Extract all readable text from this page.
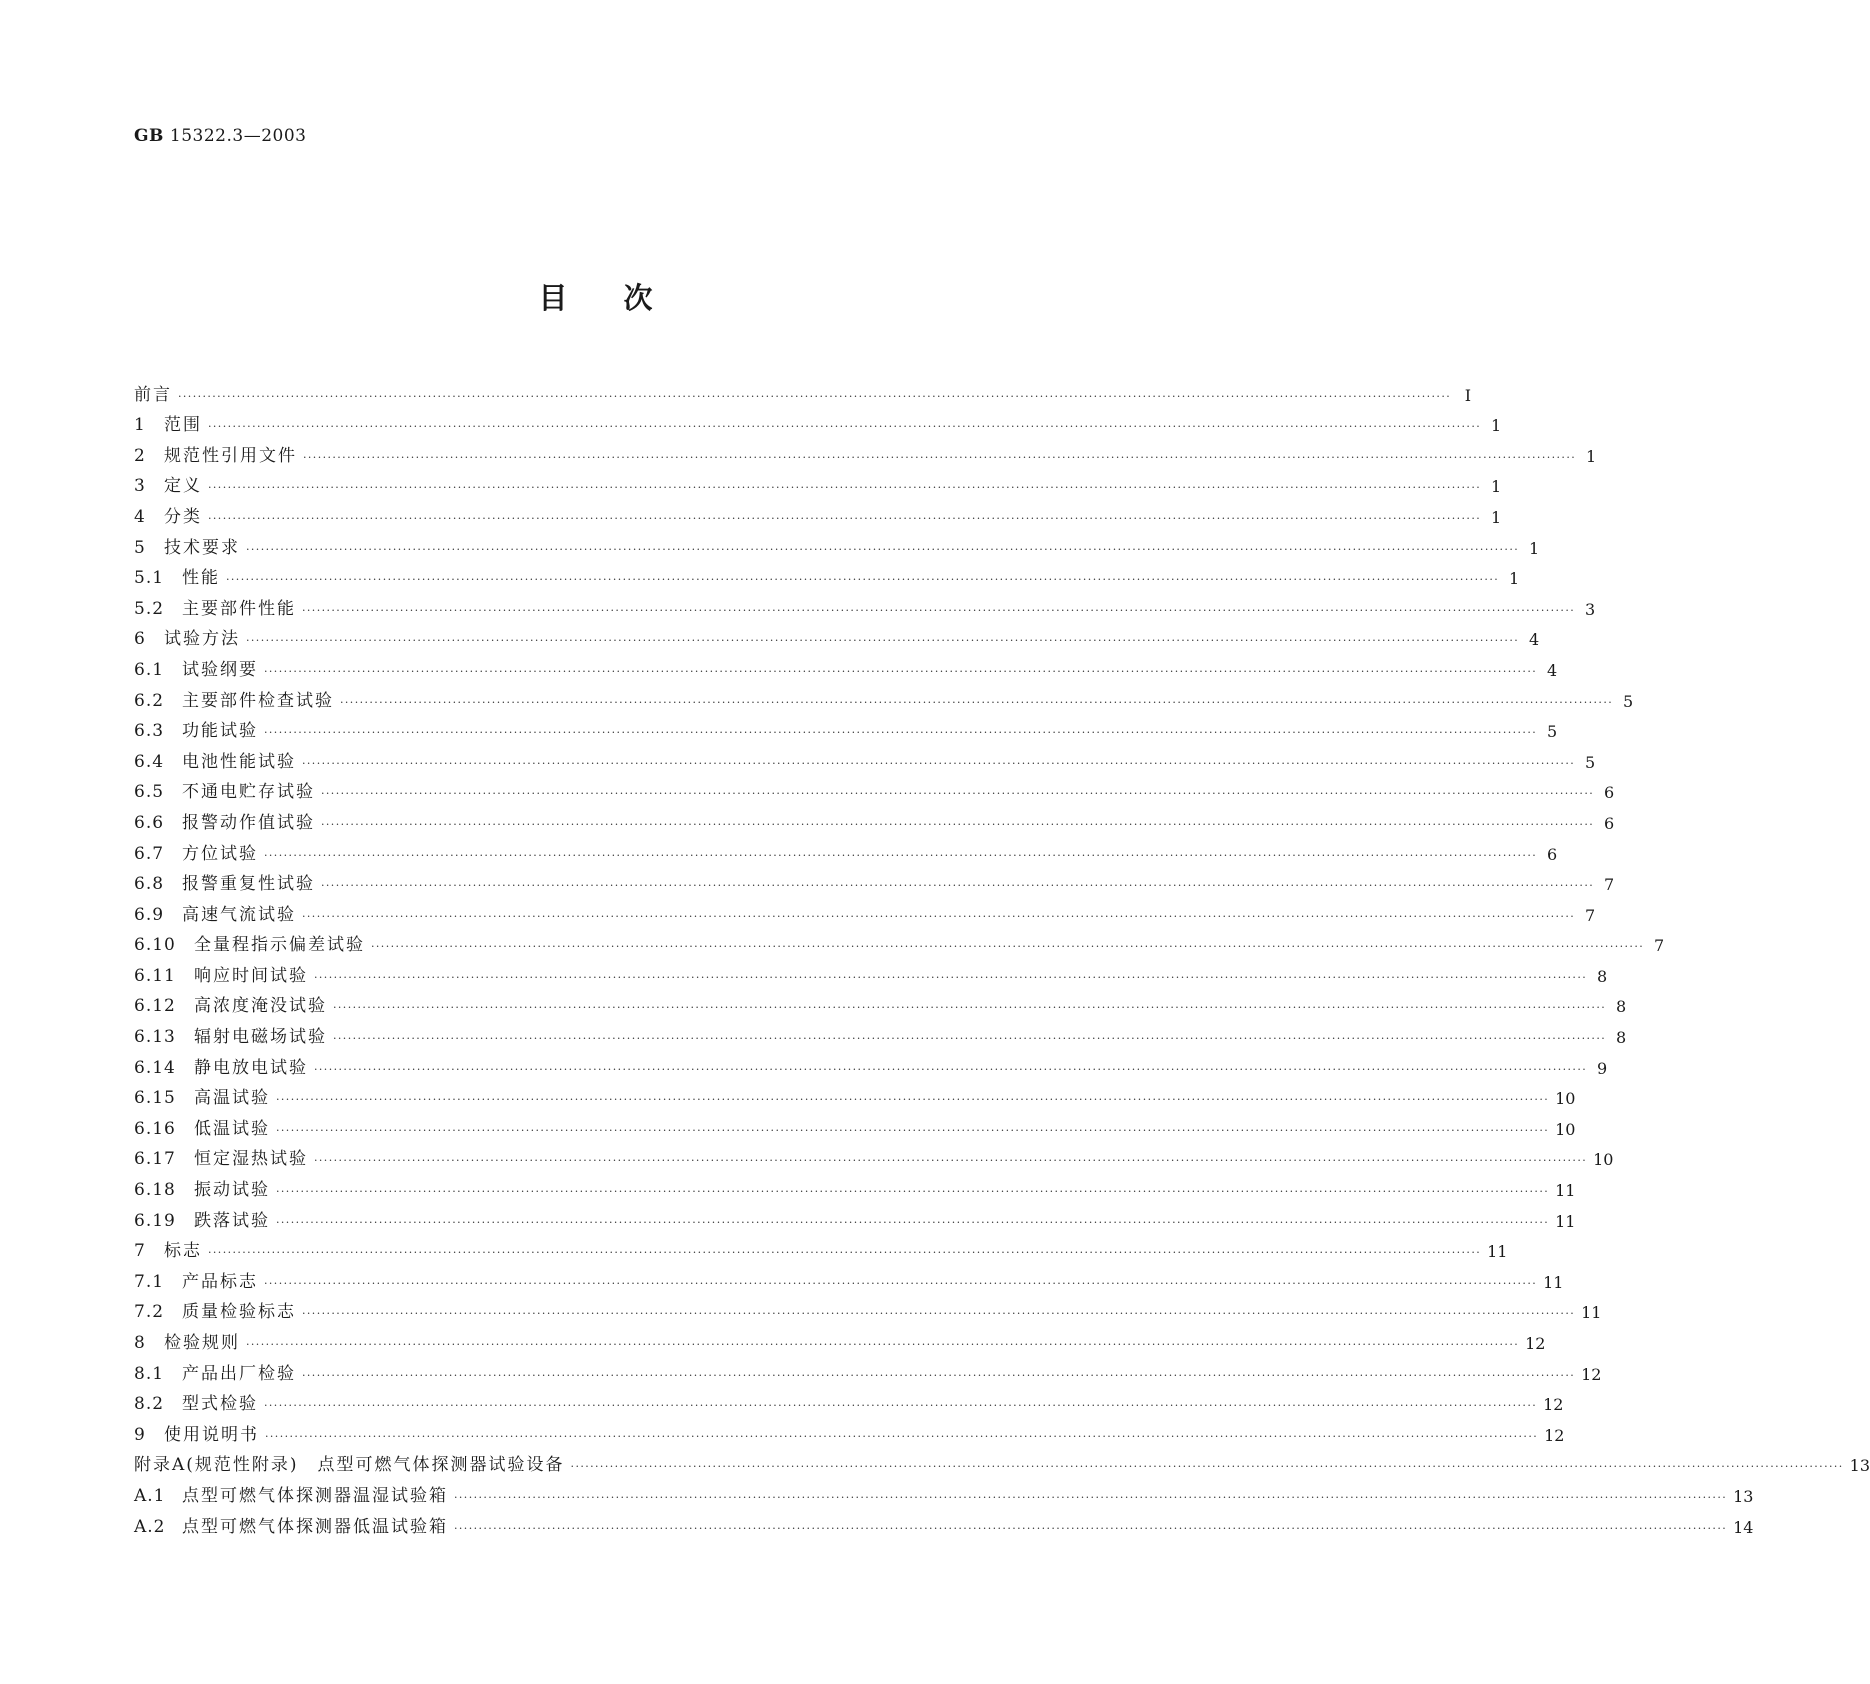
GB 15322.3—2003
目次
前言 ···································································································································································································································································· Ⅰ
1	范围 ···································································································································································································································································· 1
2	规范性引用文件 ···································································································································································································································································· 1
3	定义 ···································································································································································································································································· 1
4	分类 ···································································································································································································································································· 1
5	技术要求 ···································································································································································································································································· 1
5.1	性能 ···································································································································································································································································· 1
5.2	主要部件性能 ···································································································································································································································································· 3
6	试验方法 ···································································································································································································································································· 4
6.1	试验纲要 ···································································································································································································································································· 4
6.2	主要部件检查试验 ···································································································································································································································································· 5
6.3	功能试验 ···································································································································································································································································· 5
6.4	电池性能试验 ···································································································································································································································································· 5
6.5	不通电贮存试验 ···································································································································································································································································· 6
6.6	报警动作值试验 ···································································································································································································································································· 6
6.7	方位试验 ···································································································································································································································································· 6
6.8	报警重复性试验 ···································································································································································································································································· 7
6.9	高速气流试验 ···································································································································································································································································· 7
6.10	全量程指示偏差试验 ···································································································································································································································································· 7
6.11	响应时间试验 ···································································································································································································································································· 8
6.12	高浓度淹没试验 ···································································································································································································································································· 8
6.13	辐射电磁场试验 ···································································································································································································································································· 8
6.14	静电放电试验 ···································································································································································································································································· 9
6.15	高温试验 ···································································································································································································································································· 10
6.16	低温试验 ···································································································································································································································································· 10
6.17	恒定湿热试验 ···································································································································································································································································· 10
6.18	振动试验 ···································································································································································································································································· 11
6.19	跌落试验 ···································································································································································································································································· 11
7	标志 ···································································································································································································································································· 11
7.1	产品标志 ···································································································································································································································································· 11
7.2	质量检验标志 ···································································································································································································································································· 11
8	检验规则 ···································································································································································································································································· 12
8.1	产品出厂检验 ···································································································································································································································································· 12
8.2	型式检验 ···································································································································································································································································· 12
9	使用说明书 ···································································································································································································································································· 12
附录A(规范性附录)　点型可燃气体探测器试验设备 ···································································································································································································································································· 13
A.1 点型可燃气体探测器温湿试验箱 ···································································································································································································································································· 13
A.2 点型可燃气体探测器低温试验箱 ···································································································································································································································································· 14
